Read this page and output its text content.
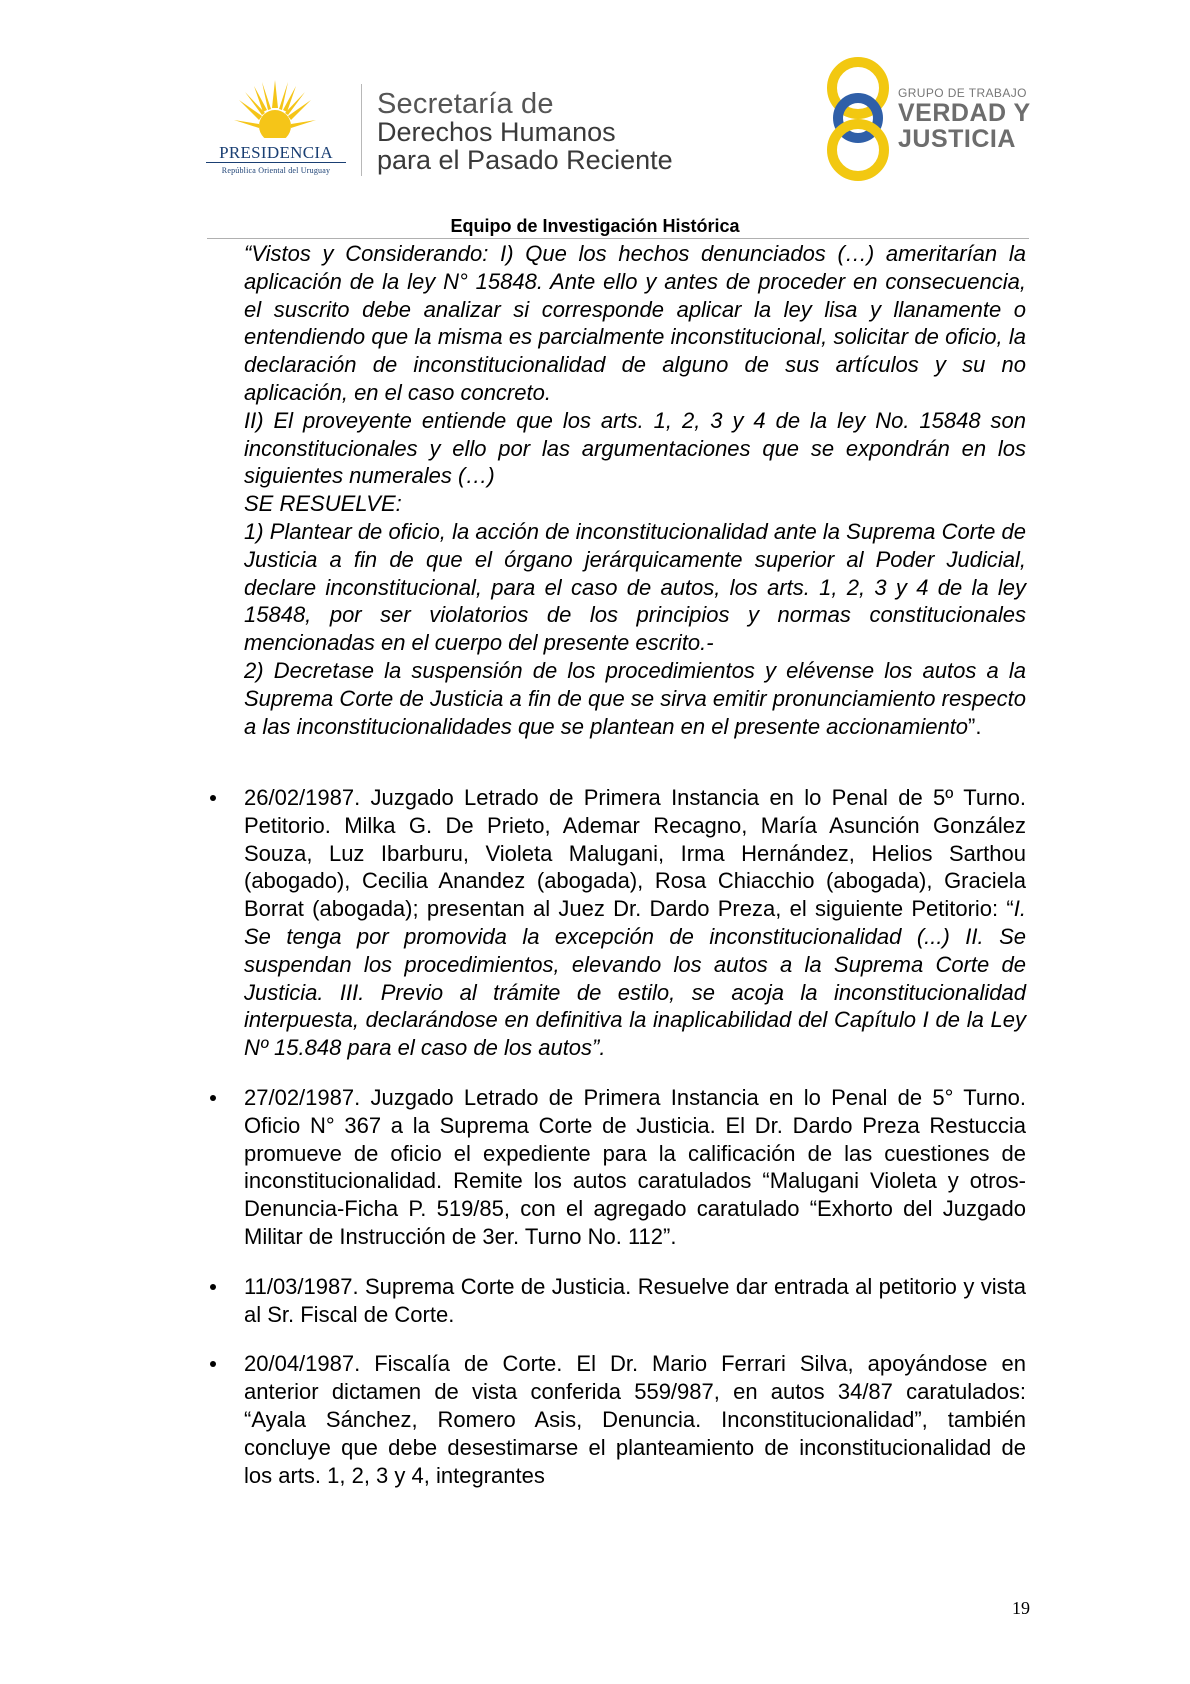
PRESIDENCIA
República Oriental del Uruguay
Secretaría de
Derechos Humanos
para el Pasado Reciente
GRUPO DE TRABAJO
VERDAD Y
JUSTICIA
Equipo de Investigación Histórica

“Vistos y Considerando: I) Que los hechos denunciados (…) ameritarían la aplicación de la ley N° 15848. Ante ello y antes de proceder en consecuencia, el suscrito debe analizar si corresponde aplicar la ley lisa y llanamente o entendiendo que la misma es parcialmente inconstitucional, solicitar de oficio, la declaración de inconstitucionalidad de alguno de sus artículos y su no aplicación, en el caso concreto.

II) El proveyente entiende que los arts. 1, 2, 3 y 4 de la ley No. 15848 son inconstitucionales y ello por las argumentaciones que se expondrán en los siguientes numerales (…)

SE RESUELVE:

1) Plantear de oficio, la acción de inconstitucionalidad ante la Suprema Corte de Justicia a fin de que el órgano jerárquicamente superior al Poder Judicial, declare inconstitucional, para el caso de autos, los arts. 1, 2, 3 y 4 de la ley 15848, por ser violatorios de los principios y normas constitucionales mencionadas en el cuerpo del presente escrito.-

2) Decretase la suspensión de los procedimientos y elévense los autos a la Suprema Corte de Justicia a fin de que se sirva emitir pronunciamiento respecto a las inconstitucionalidades que se plantean en el presente accionamiento”.

26/02/1987. Juzgado Letrado de Primera Instancia en lo Penal de 5º Turno. Petitorio. Milka G. De Prieto, Ademar Recagno, María Asunción González Souza, Luz Ibarburu, Violeta Malugani, Irma Hernández, Helios Sarthou (abogado), Cecilia Anandez (abogada), Rosa Chiacchio (abogada), Graciela Borrat (abogada); presentan al Juez Dr. Dardo Preza, el siguiente Petitorio: “I. Se tenga por promovida la excepción de inconstitucionalidad (...) II. Se suspendan los procedimientos, elevando los autos a la Suprema Corte de Justicia. III. Previo al trámite de estilo, se acoja la inconstitucionalidad interpuesta, declarándose en definitiva la inaplicabilidad del Capítulo I de la Ley Nº 15.848 para el caso de los autos”.
27/02/1987. Juzgado Letrado de Primera Instancia en lo Penal de 5° Turno. Oficio N° 367 a la Suprema Corte de Justicia. El Dr. Dardo Preza Restuccia promueve de oficio el expediente para la calificación de las cuestiones de inconstitucionalidad. Remite los autos caratulados “Malugani Violeta y otros-Denuncia-Ficha P. 519/85, con el agregado caratulado “Exhorto del Juzgado Militar de Instrucción de 3er. Turno No. 112”.
11/03/1987. Suprema Corte de Justicia. Resuelve dar entrada al petitorio y vista al Sr. Fiscal de Corte.
20/04/1987. Fiscalía de Corte. El Dr. Mario Ferrari Silva, apoyándose en anterior dictamen de vista conferida 559/987, en autos 34/87 caratulados: “Ayala Sánchez, Romero Asis, Denuncia. Inconstitucionalidad”, también concluye que debe desestimarse el planteamiento de inconstitucionalidad de los arts. 1, 2, 3 y 4, integrantes
19
